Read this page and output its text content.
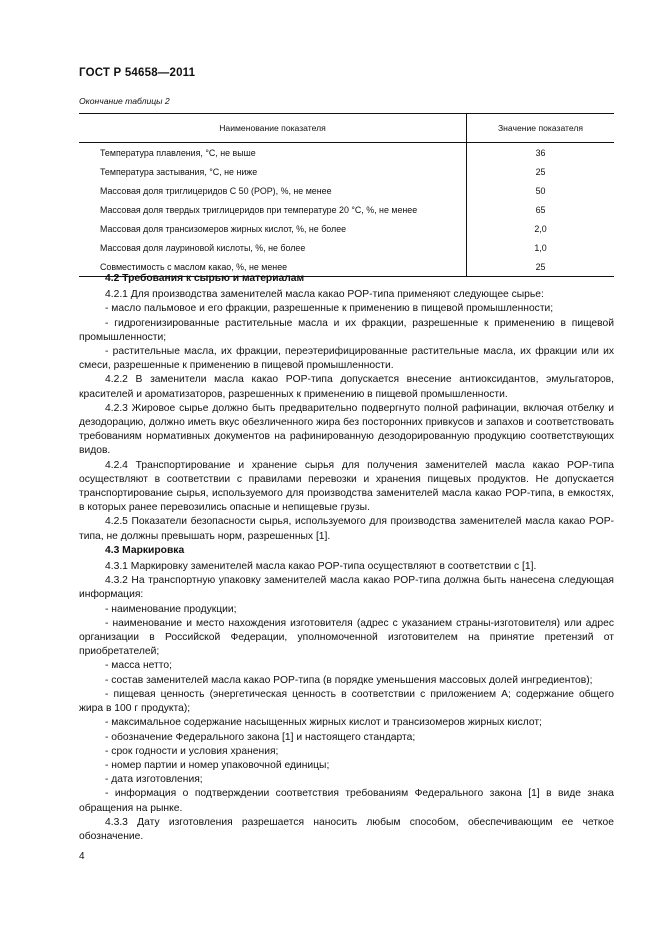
ГОСТ Р 54658—2011
Окончание таблицы 2
Наименование показателя	Значение показателя
Температура плавления, °С, не выше	36
Температура застывания, °С, не ниже	25
Массовая доля триглицеридов С 50 (POP), %, не менее	50
Массовая доля твердых триглицеридов при температуре 20 °С, %, не менее	65
Массовая доля трансизомеров жирных кислот, %, не более	2,0
Массовая доля лауриновой кислоты, %, не более	1,0
Совместимость с маслом какао, %, не менее	25

4.2 Требования к сырью и материалам

4.2.1 Для производства заменителей масла какао POP-типа применяют следующее сырье:

- масло пальмовое и его фракции, разрешенные к применению в пищевой промышленности;

- гидрогенизированные растительные масла и их фракции, разрешенные к применению в пищевой промышленности;

- растительные масла, их фракции, переэтерифицированные растительные масла, их фракции или их смеси, разрешенные к применению в пищевой промышленности.

4.2.2 В заменители масла какао POP-типа допускается внесение антиоксидантов, эмульгаторов, красителей и ароматизаторов, разрешенных к применению в пищевой промышленности.

4.2.3 Жировое сырье должно быть предварительно подвергнуто полной рафинации, включая отбелку и дезодорацию, должно иметь вкус обезличенного жира без посторонних привкусов и запахов и соответствовать требованиям нормативных документов на рафинированную дезодорированную продукцию соответствующих видов.

4.2.4 Транспортирование и хранение сырья для получения заменителей масла какао POP-типа осуществляют в соответствии с правилами перевозки и хранения пищевых продуктов. Не допускается транспортирование сырья, используемого для производства заменителей масла какао POP-типа, в емкостях, в которых ранее перевозились опасные и непищевые грузы.

4.2.5 Показатели безопасности сырья, используемого для производства заменителей масла какао POP-типа, не должны превышать норм, разрешенных [1].

4.3 Маркировка

4.3.1 Маркировку заменителей масла какао POP-типа осуществляют в соответствии с [1].

4.3.2 На транспортную упаковку заменителей масла какао POP-типа должна быть нанесена следующая информация:

- наименование продукции;

- наименование и место нахождения изготовителя (адрес с указанием страны-изготовителя) или адрес организации в Российской Федерации, уполномоченной изготовителем на принятие претензий от приобретателей;

- масса нетто;

- состав заменителей масла какао POP-типа (в порядке уменьшения массовых долей ингредиентов);

- пищевая ценность (энергетическая ценность в соответствии с приложением А; содержание общего жира в 100 г продукта);

- максимальное содержание насыщенных жирных кислот и трансизомеров жирных кислот;

- обозначение Федерального закона [1] и настоящего стандарта;

- срок годности и условия хранения;

- номер партии и номер упаковочной единицы;

- дата изготовления;

- информация о подтверждении соответствия требованиям Федерального закона [1] в виде знака обращения на рынке.

4.3.3 Дату изготовления разрешается наносить любым способом, обеспечивающим ее четкое обозначение.

4
